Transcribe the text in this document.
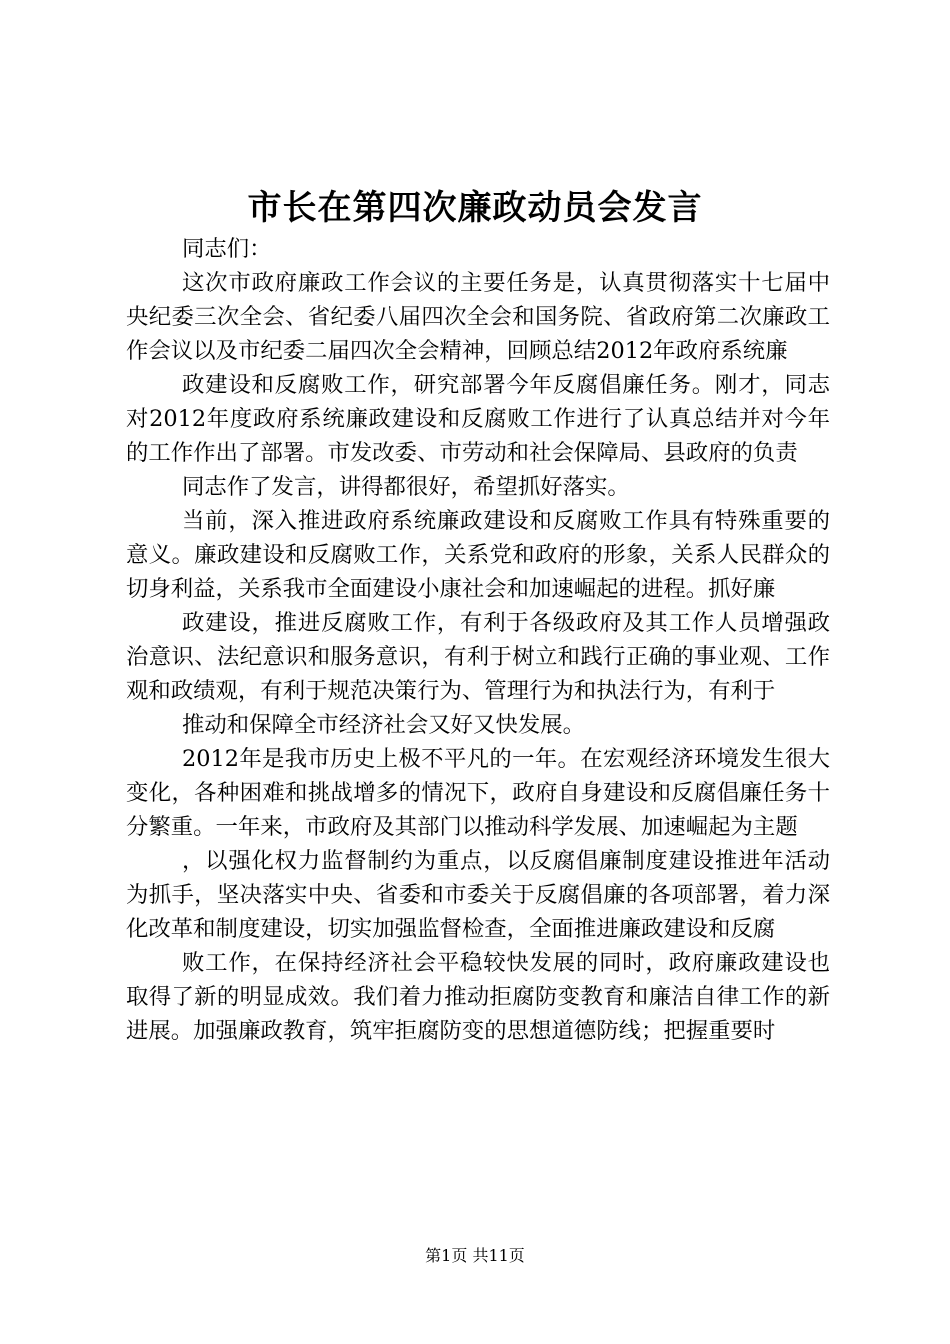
市长在第四次廉政动员会发言

同志们：

这次市政府廉政工作会议的主要任务是，认真贯彻落实十七届中央纪委三次全会、省纪委八届四次全会和国务院、省政府第二次廉政工作会议以及市纪委二届四次全会精神，回顾总结2012年政府系统廉

政建设和反腐败工作，研究部署今年反腐倡廉任务。刚才，同志对2012年度政府系统廉政建设和反腐败工作进行了认真总结并对今年的工作作出了部署。市发改委、市劳动和社会保障局、县政府的负责

同志作了发言，讲得都很好，希望抓好落实。

当前，深入推进政府系统廉政建设和反腐败工作具有特殊重要的意义。廉政建设和反腐败工作，关系党和政府的形象，关系人民群众的切身利益，关系我市全面建设小康社会和加速崛起的进程。抓好廉

政建设，推进反腐败工作，有利于各级政府及其工作人员增强政治意识、法纪意识和服务意识，有利于树立和践行正确的事业观、工作观和政绩观，有利于规范决策行为、管理行为和执法行为，有利于

推动和保障全市经济社会又好又快发展。

2012年是我市历史上极不平凡的一年。在宏观经济环境发生很大变化，各种困难和挑战增多的情况下，政府自身建设和反腐倡廉任务十分繁重。一年来，市政府及其部门以推动科学发展、加速崛起为主题

，以强化权力监督制约为重点，以反腐倡廉制度建设推进年活动为抓手，坚决落实中央、省委和市委关于反腐倡廉的各项部署，着力深化改革和制度建设，切实加强监督检查，全面推进廉政建设和反腐

败工作，在保持经济社会平稳较快发展的同时，政府廉政建设也取得了新的明显成效。我们着力推动拒腐防变教育和廉洁自律工作的新进展。加强廉政教育，筑牢拒腐防变的思想道德防线；把握重要时

第1页 共11页
